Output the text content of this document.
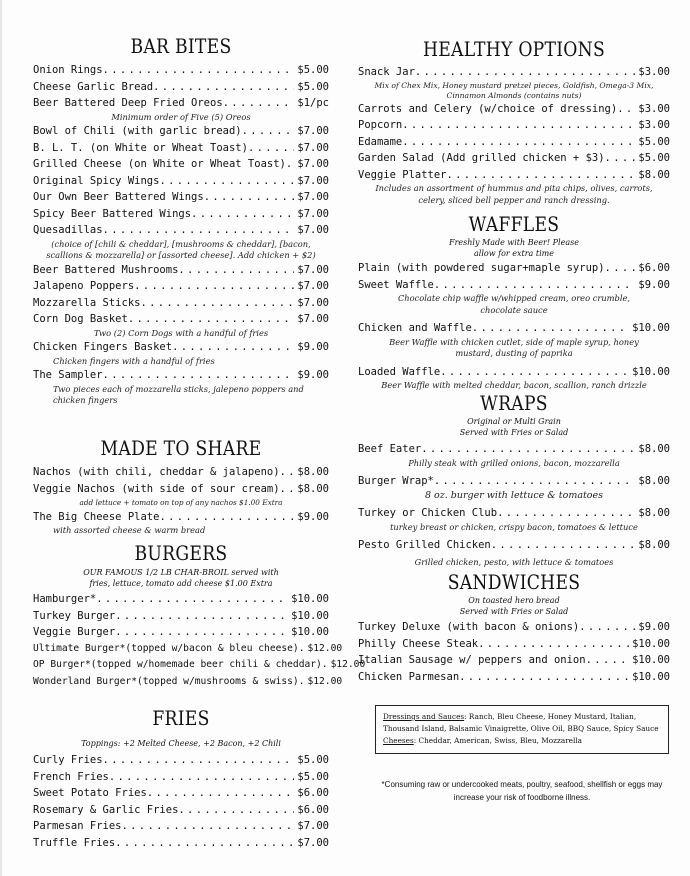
BAR BITES
Onion Rings . . .	$5.00
Cheese Garlic Bread . . .	$5.00
Beer Battered Deep Fried Oreos . . .	$1/pc
Minimum order of Five (5) Oreos
Bowl of Chili (with garlic bread) . . .	$7.00
B. L. T. (on White or Wheat Toast) . . .	$7.00
Grilled Cheese (on White or Wheat Toast) . . . $7.00
Original Spicy Wings . . .	$7.00
Our Own Beer Battered Wings . . .	$7.00
Spicy Beer Battered Wings . . .	$7.00
Quesadillas . . .	$7.00
(choice of [chili & cheddar], [mushrooms & cheddar], [bacon, scallions & mozzarella] or [assorted cheese]. Add chicken + $2)
Beer Battered Mushrooms . . .	$7.00
Jalapeno Poppers . . .	$7.00
Mozzarella Sticks . . .	$7.00
Corn Dog Basket . . .	$7.00
Two (2) Corn Dogs with a handful of fries
Chicken Fingers Basket . . .	$9.00
Chicken fingers with a handful of fries
The Sampler . . .	$9.00
Two pieces each of mozzarella sticks, jalepeno poppers and chicken fingers
MADE TO SHARE
Nachos (with chili, cheddar & jalapeno) . . . $8.00
Veggie Nachos (with side of sour cream) . . . $8.00
add lettuce + tomato on top of any nachos $1.00 Extra
The Big Cheese Plate . . .	$9.00
with assorted cheese & warm bread
BURGERS
OUR FAMOUS 1/2 LB CHAR-BROIL served with fries, lettuce, tomato add cheese $1.00 Extra
Hamburger* . . .	$10.00
Turkey Burger . . .	$10.00
Veggie Burger . . .	$10.00
Ultimate Burger*(topped w/bacon & bleu cheese). $12.00
OP Burger*(topped w/homemade beer chili & cheddar). $12.00
Wonderland Burger*(topped w/mushrooms & swiss). $12.00
FRIES
Toppings: +2 Melted Cheese, +2 Bacon, +2 Chili
Curly Fries . . .	$5.00
French Fries . . .	$5.00
Sweet Potato Fries . . .	$6.00
Rosemary & Garlic Fries . . .	$6.00
Parmesan Fries . . .	$7.00
Truffle Fries . . .	$7.00
HEALTHY OPTIONS
Snack Jar . . .	$3.00
Mix of Chex Mix, Honey mustard pretzel pieces, Goldfish, Omega-3 Mix, Cinnamon Almonds (contains nuts)
Carrots and Celery (w/choice of dressing) . . . $3.00
Popcorn . . .	$3.00
Edamame . . .	$5.00
Garden Salad (Add grilled chicken + $3) . . .	$5.00
Veggie Platter . . .	$8.00
Includes an assortment of hummus and pita chips, olives, carrots, celery, sliced bell pepper and ranch dressing.
WAFFLES
Freshly Made with Beer! Please allow for extra time
Plain (with powdered sugar+maple syrup) . . .	$6.00
Sweet Waffle . . .	$9.00
Chocolate chip waffle w/whipped cream, oreo crumble, chocolate sauce
Chicken and Waffle . . .	$10.00
Beer Waffle with chicken cutlet, side of maple syrup, honey mustard, dusting of paprika
Loaded Waffle . . .	$10.00
Beer Waffle with melted cheddar, bacon, scallion, ranch drizzle
WRAPS
Original or Multi Grain Served with Fries or Salad
Beef Eater . . .	$8.00
Philly steak with grilled onions, bacon, mozzarella
Burger Wrap* . . .	$8.00
8 oz. burger with lettuce & tomatoes
Turkey or Chicken Club . . .	$8.00
turkey breast or chicken, crispy bacon, tomatoes & lettuce
Pesto Grilled Chicken . . .	$8.00
Grilled chicken, pesto, with lettuce & tomatoes
SANDWICHES
On toasted hero bread Served with Fries or Salad
Turkey Deluxe (with bacon & onions) . . .	$9.00
Philly Cheese Steak . . .	$10.00
Italian Sausage w/ peppers and onion . . .	$10.00
Chicken Parmesan . . .	$10.00
Dressings and Sauces: Ranch, Bleu Cheese, Honey Mustard, Italian, Thousand Island, Balsamic Vinaigrette, Olive Oil, BBQ Sauce, Spicy Sauce
Cheeses: Cheddar, American, Swiss, Bleu, Mozzarella
*Consuming raw or undercooked meats, poultry, seafood, shellfish or eggs may increase your risk of foodborne illness.
